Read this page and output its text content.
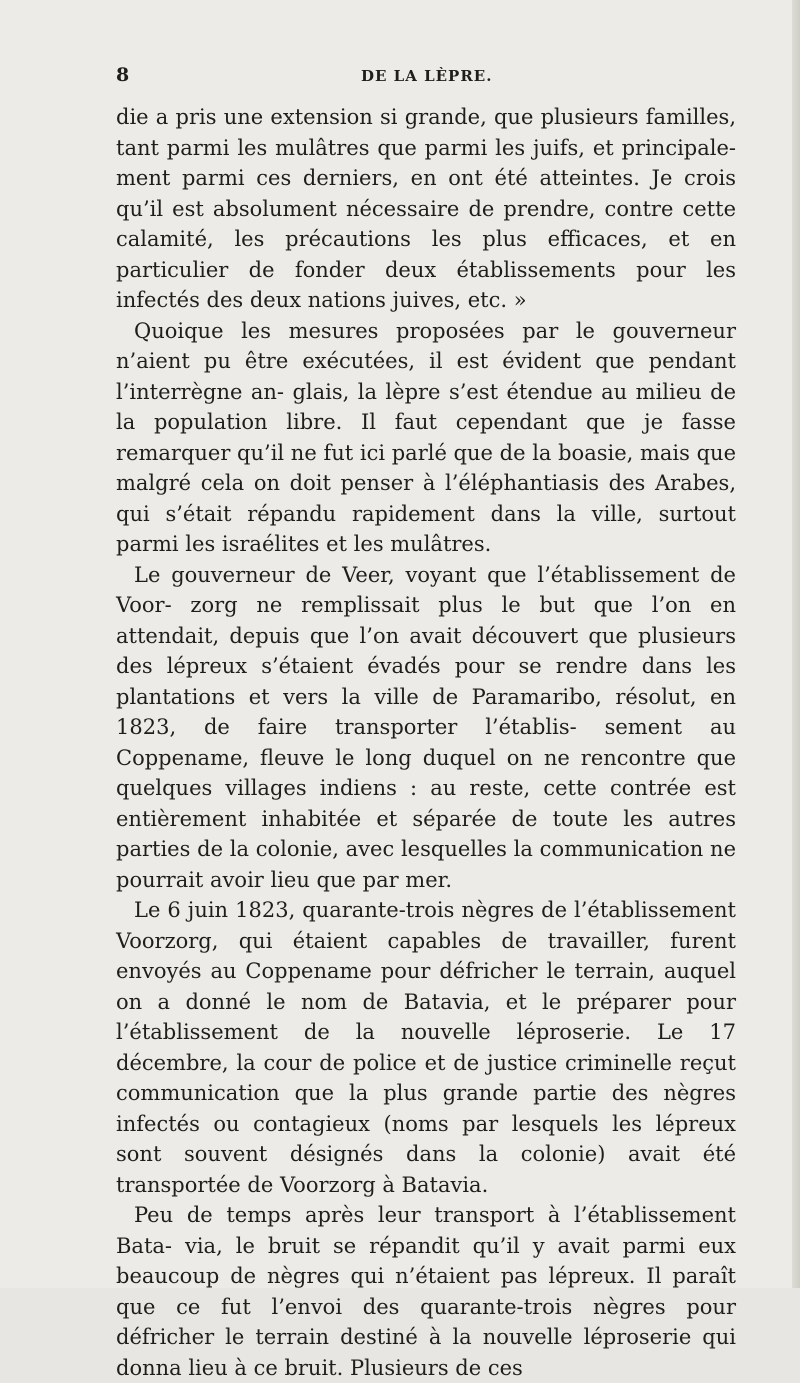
8	DE LA LÈPRE.

die a pris une extension si grande, que plusieurs familles, tant parmi les mulâtres que parmi les juifs, et principale- ment parmi ces derniers, en ont été atteintes. Je crois qu’il est absolument nécessaire de prendre, contre cette calamité, les précautions les plus efficaces, et en particulier de fonder deux établissements pour les infectés des deux nations juives, etc. »

Quoique les mesures proposées par le gouverneur n’aient pu être exécutées, il est évident que pendant l’interrègne an- glais, la lèpre s’est étendue au milieu de la population libre. Il faut cependant que je fasse remarquer qu’il ne fut ici parlé que de la boasie, mais que malgré cela on doit penser à l’éléphantiasis des Arabes, qui s’était répandu rapidement dans la ville, surtout parmi les israélites et les mulâtres.

Le gouverneur de Veer, voyant que l’établissement de Voor- zorg ne remplissait plus le but que l’on en attendait, depuis que l’on avait découvert que plusieurs des lépreux s’étaient évadés pour se rendre dans les plantations et vers la ville de Paramaribo, résolut, en 1823, de faire transporter l’établis- sement au Coppename, fleuve le long duquel on ne rencontre que quelques villages indiens : au reste, cette contrée est entièrement inhabitée et séparée de toute les autres parties de la colonie, avec lesquelles la communication ne pourrait avoir lieu que par mer.

Le 6 juin 1823, quarante-trois nègres de l’établissement Voorzorg, qui étaient capables de travailler, furent envoyés au Coppename pour défricher le terrain, auquel on a donné le nom de Batavia, et le préparer pour l’établissement de la nouvelle léproserie. Le 17 décembre, la cour de police et de justice criminelle reçut communication que la plus grande partie des nègres infectés ou contagieux (noms par lesquels les lépreux sont souvent désignés dans la colonie) avait été transportée de Voorzorg à Batavia.

Peu de temps après leur transport à l’établissement Bata- via, le bruit se répandit qu’il y avait parmi eux beaucoup de nègres qui n’étaient pas lépreux. Il paraît que ce fut l’envoi des quarante-trois nègres pour défricher le terrain destiné à la nouvelle léproserie qui donna lieu à ce bruit. Plusieurs de ces
